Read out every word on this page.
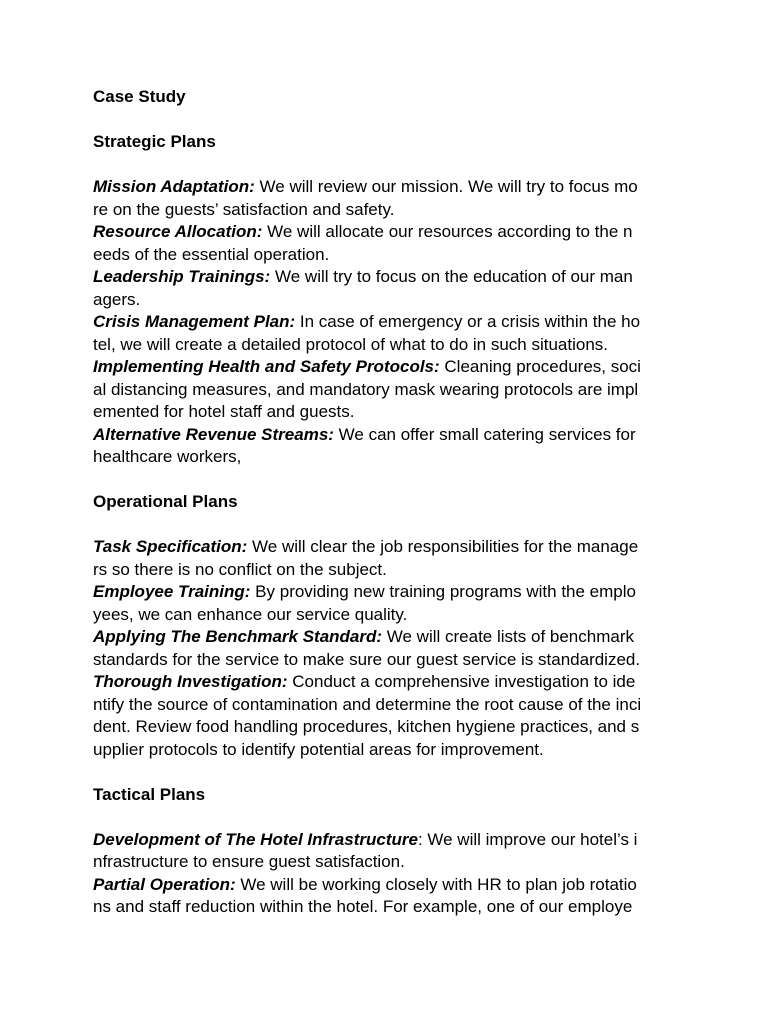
Case Study
Strategic Plans
Mission Adaptation: We will review our mission. We will try to focus mo
re on the guests’ satisfaction and safety.
Resource Allocation: We will allocate our resources according to the n
eeds of the essential operation.
Leadership Trainings: We will try to focus on the education of our man
agers.
Crisis Management Plan: In case of emergency or a crisis within the ho
tel, we will create a detailed protocol of what to do in such situations.
Implementing Health and Safety Protocols: Cleaning procedures, soci
al distancing measures, and mandatory mask wearing protocols are impl
emented for hotel staff and guests.
Alternative Revenue Streams: We can offer small catering services for
healthcare workers,
Operational Plans
Task Specification: We will clear the job responsibilities for the manage
rs so there is no conflict on the subject.
Employee Training: By providing new training programs with the emplo
yees, we can enhance our service quality.
Applying The Benchmark Standard: We will create lists of benchmark
standards for the service to make sure our guest service is standardized.
Thorough Investigation: Conduct a comprehensive investigation to ide
ntify the source of contamination and determine the root cause of the inci
dent. Review food handling procedures, kitchen hygiene practices, and s
upplier protocols to identify potential areas for improvement.
Tactical Plans
Development of The Hotel Infrastructure: We will improve our hotel’s i
nfrastructure to ensure guest satisfaction.
Partial Operation: We will be working closely with HR to plan job rotatio
ns and staff reduction within the hotel. For example, one of our employe
